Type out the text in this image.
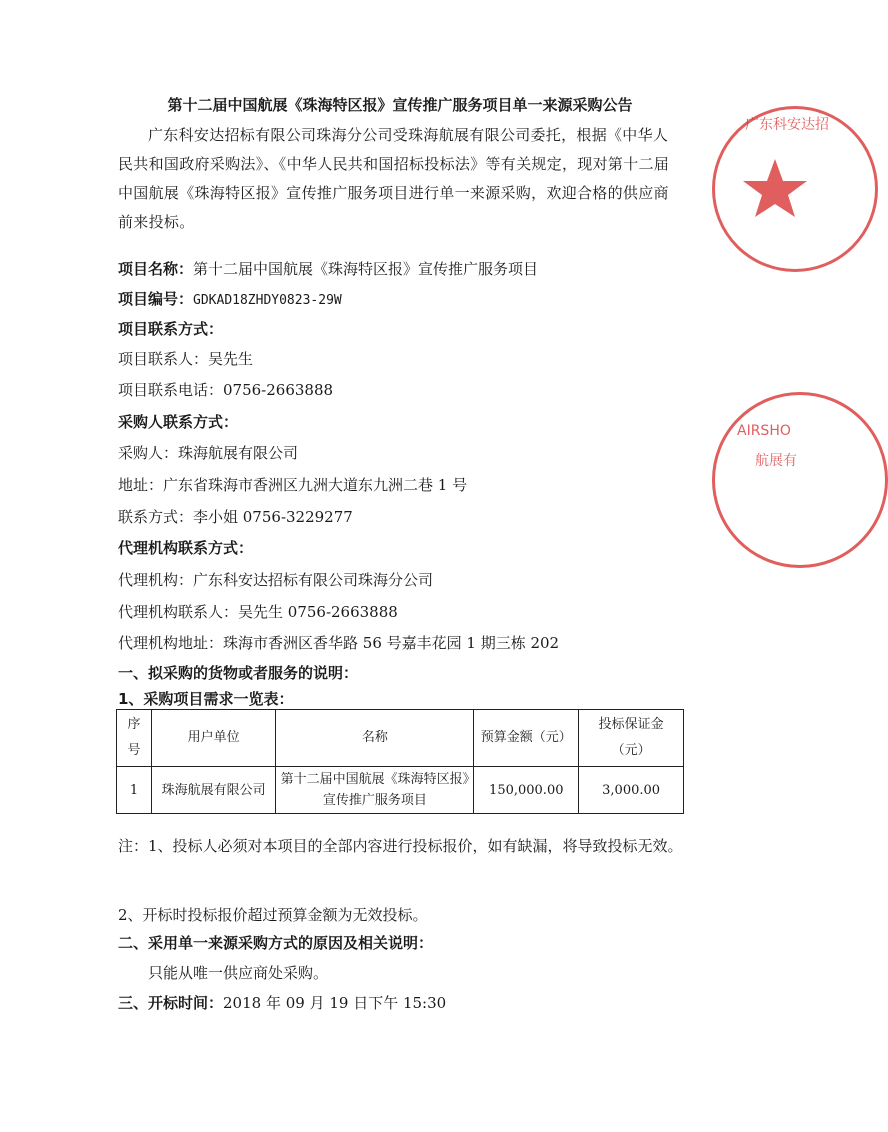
广东科安达招
AIRSHO
航展有
第十二届中国航展《珠海特区报》宣传推广服务项目单一来源采购公告
广东科安达招标有限公司珠海分公司受珠海航展有限公司委托，根据《中华人民共和国政府采购法》、《中华人民共和国招标投标法》等有关规定，现对第十二届中国航展《珠海特区报》宣传推广服务项目进行单一来源采购，欢迎合格的供应商前来投标。
项目名称：第十二届中国航展《珠海特区报》宣传推广服务项目
项目编号：GDKAD18ZHDY0823-29W
项目联系方式：
项目联系人：吴先生
项目联系电话：0756-2663888
采购人联系方式：
采购人：珠海航展有限公司
地址：广东省珠海市香洲区九洲大道东九洲二巷 1 号
联系方式：李小姐 0756-3229277
代理机构联系方式：
代理机构：广东科安达招标有限公司珠海分公司
代理机构联系人：吴先生 0756-2663888
代理机构地址：珠海市香洲区香华路 56 号嘉丰花园 1 期三栋 202
一、拟采购的货物或者服务的说明：
1、采购项目需求一览表：
序号	用户单位	名称	预算金额（元）	投标保证金（元）
1	珠海航展有限公司	第十二届中国航展《珠海特区报》宣传推广服务项目	150,000.00	3,000.00
注：1、投标人必须对本项目的全部内容进行投标报价，如有缺漏，将导致投标无效。
2、开标时投标报价超过预算金额为无效投标。
二、采用单一来源采购方式的原因及相关说明：
只能从唯一供应商处采购。
三、开标时间：2018 年 09 月 19 日下午 15:30
